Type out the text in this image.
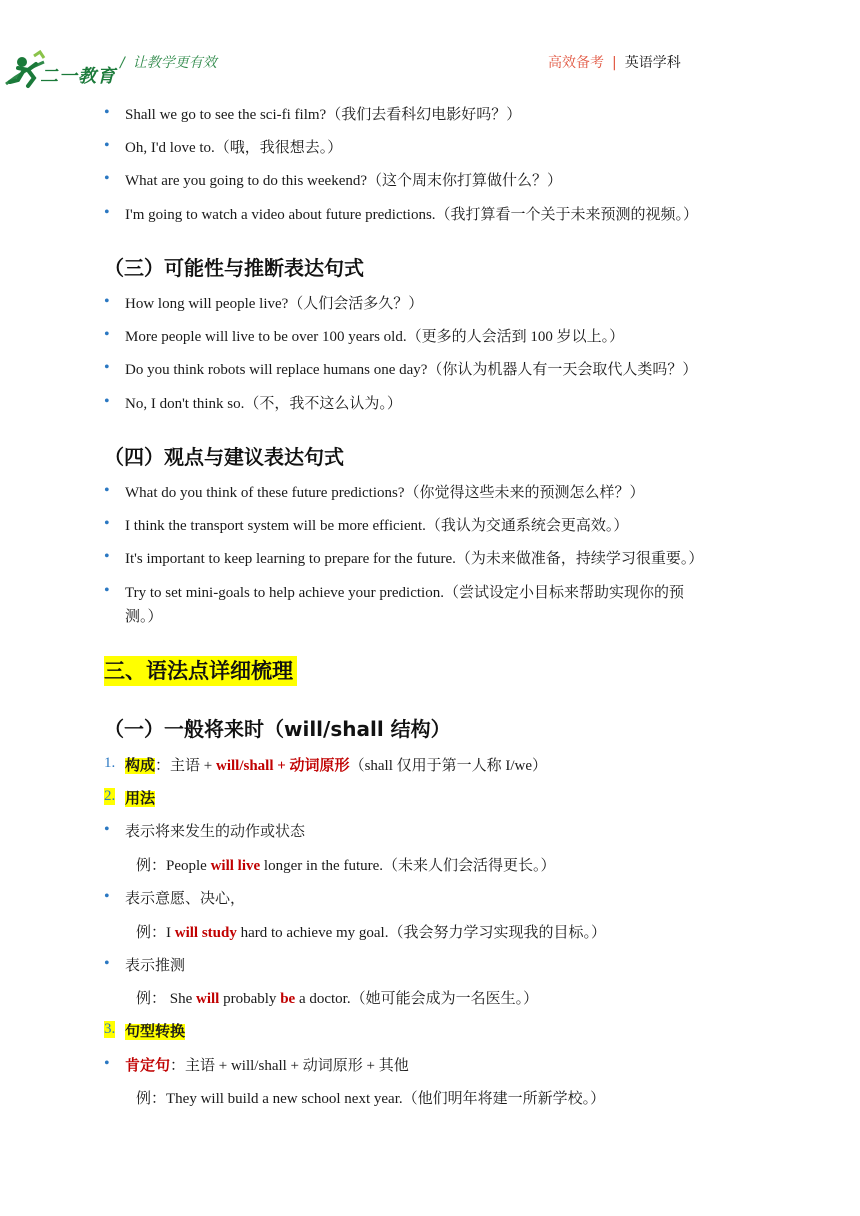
二一教育
/ 让教学更有效	高效备考 | 英语学科
• Shall we go to see the sci-fi film?（我们去看科幻电影好吗？）
• Oh, I'd love to.（哦，我很想去。）
• What are you going to do this weekend?（这个周末你打算做什么？）
• I'm going to watch a video about future predictions.（我打算看一个关于未来预测的视频。）
（三）可能性与推断表达句式
• How long will people live?（人们会活多久？）
• More people will live to be over 100 years old.（更多的人会活到 100 岁以上。）
• Do you think robots will replace humans one day?（你认为机器人有一天会取代人类吗？）
• No, I don't think so.（不，我不这么认为。）
（四）观点与建议表达句式
• What do you think of these future predictions?（你觉得这些未来的预测怎么样？）
• I think the transport system will be more efficient.（我认为交通系统会更高效。）
• It's important to keep learning to prepare for the future.（为未来做准备，持续学习很重要。）
• Try to set mini-goals to help achieve your prediction.（尝试设定小目标来帮助实现你的预
测。）
三、语法点详细梳理
（一）一般将来时（will/shall 结构）
1. 构成：主语 + will/shall + 动词原形（shall 仅用于第一人称 I/we）
2. 用法
• 表示将来发生的动作或状态
例：People will live longer in the future.（未来人们会活得更长。）
• 表示意愿、决心，
例：I will study hard to achieve my goal.（我会努力学习实现我的目标。）
• 表示推测
例： She will probably be a doctor.（她可能会成为一名医生。）
3. 句型转换
• 肯定句：主语 + will/shall + 动词原形 + 其他
例：They will build a new school next year.（他们明年将建一所新学校。）
